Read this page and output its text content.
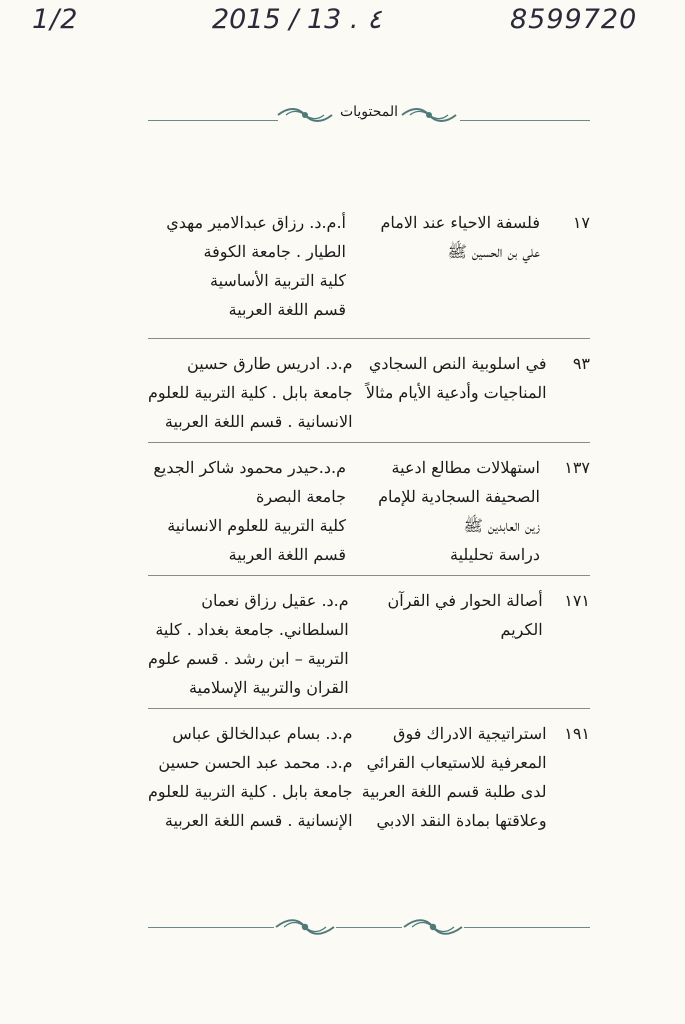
1/2	2015 / 13 . ٤	8599720
المحتويات
١٧
فلسفة الاحياء عند الامام
علي بن الحسين ﷺ
أ.م.د. رزاق عبدالامير مهدي
الطيار . جامعة الكوفة
كلية التربية الأساسية
قسم اللغة العربية
٩٣
في اسلوبية النص السجادي
المناجيات وأدعية الأيام مثالاً
م.د. ادريس طارق حسين
جامعة بابل . كلية التربية للعلوم
الانسانية . قسم اللغة العربية
١٣٧
استهلالات مطالع ادعية
الصحيفة السجادية للإمام
زين العابدين ﷺ
دراسة تحليلية
م.د.حيدر محمود شاكر الجديع
جامعة البصرة
كلية التربية للعلوم الانسانية
قسم اللغة العربية
١٧١
أصالة الحوار في القرآن
الكريم
م.د. عقيل رزاق نعمان
السلطاني. جامعة بغداد . كلية
التربية – ابن رشد . قسم علوم
القران والتربية الإسلامية
١٩١
استراتيجية الادراك فوق
المعرفية للاستيعاب القرائي
لدى طلبة قسم اللغة العربية
وعلاقتها بمادة النقد الادبي
م.د. بسام عبدالخالق عباس
م.د. محمد عبد الحسن حسين
جامعة بابل . كلية التربية للعلوم
الإنسانية . قسم اللغة العربية
